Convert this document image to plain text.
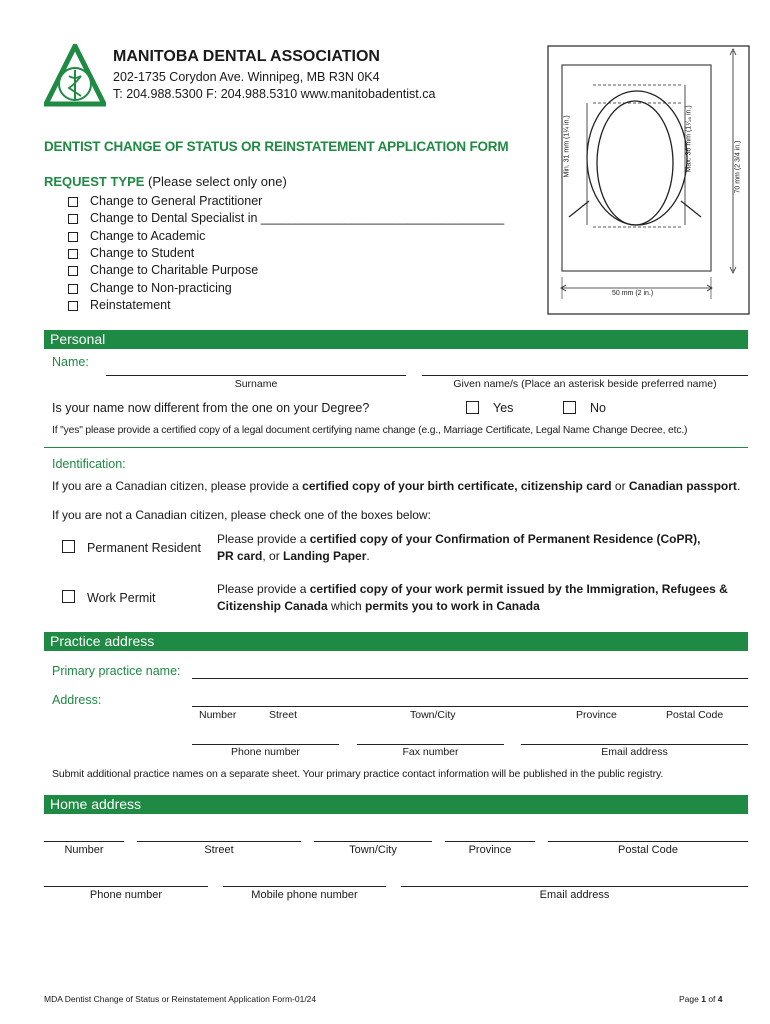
MANITOBA DENTAL ASSOCIATION
202-1735 Corydon Ave. Winnipeg, MB R3N 0K4
T: 204.988.5300 F: 204.988.5310 www.manitobadentist.ca
DENTIST CHANGE OF STATUS OR REINSTATEMENT APPLICATION FORM	Min. 31 mm (1¼ in.)	Max. 36 mm (1⁷⁄₁₆ in.)	70 mm (2 3/4 in.)
50 mm (2 in.)
REQUEST TYPE (Please select only one)
Change to General Practitioner
Change to Dental Specialist in ___________________________________
Change to Academic
Change to Student
Change to Charitable Purpose
Change to Non-practicing
Reinstatement
Personal
Name:
Surname	Given name/s (Place an asterisk beside preferred name)
Is your name now different from the one on your Degree?	Yes	No
If "yes" please provide a certified copy of a legal document certifying name change (e.g., Marriage Certificate, Legal Name Change Decree, etc.)
Identification:
If you are a Canadian citizen, please provide a certified copy of your birth certificate, citizenship card or Canadian passport.
If you are not a Canadian citizen, please check one of the boxes below:
Permanent Resident
Please provide a certified copy of your Confirmation of Permanent Residence (CoPR),
PR card, or Landing Paper.
Work Permit
Please provide a certified copy of your work permit issued by the Immigration, Refugees &
Citizenship Canada which permits you to work in Canada
Practice address
Primary practice name:
Address:
Number	Street	Town/City	Province	Postal Code
Phone number	Fax number	Email address
Submit additional practice names on a separate sheet. Your primary practice contact information will be published in the public registry.
Home address
Number	Street	Town/City	Province	Postal Code
Phone number	Mobile phone number	Email address
MDA Dentist Change of Status or Reinstatement Application Form-01/24	Page 1 of 4
